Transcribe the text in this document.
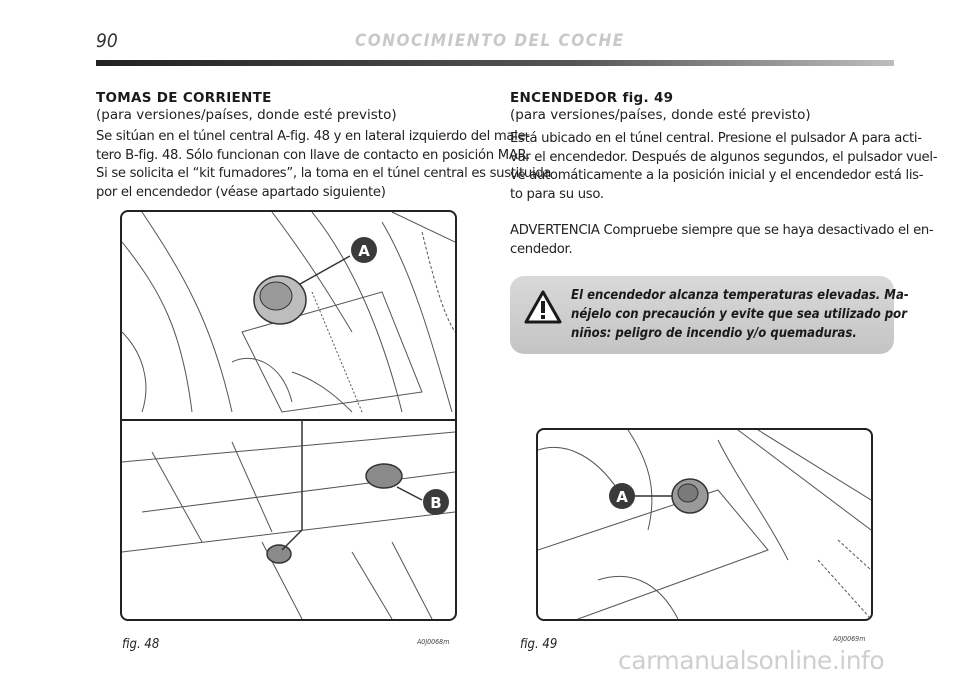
90	CONOCIMIENTO DEL COCHE
TOMAS DE CORRIENTE
(para versiones/países, donde esté previsto)
Se sitúan en el túnel central A-fig. 48 y en lateral izquierdo del male-
tero B-fig. 48. Sólo funcionan con llave de contacto en posición MAR.
Si se solicita el “kit fumadores”, la toma en el túnel central es sustituida
por el encendedor (véase apartado siguiente)
A
B
fig. 48	A0J0068m
ENCENDEDOR fig. 49
(para versiones/países, donde esté previsto)
Está ubicado en el túnel central. Presione el pulsador A para acti-
var el encendedor. Después de algunos segundos, el pulsador vuel-
ve automáticamente a la posición inicial y el encendedor está lis-
to para su uso.
ADVERTENCIA Compruebe siempre que se haya desactivado el en-
cendedor.
El encendedor alcanza temperaturas elevadas. Ma-
néjelo con precaución y evite que sea utilizado por
niños: peligro de incendio y/o quemaduras.
A
fig. 49	A0J0069m
carmanualsonline.info
